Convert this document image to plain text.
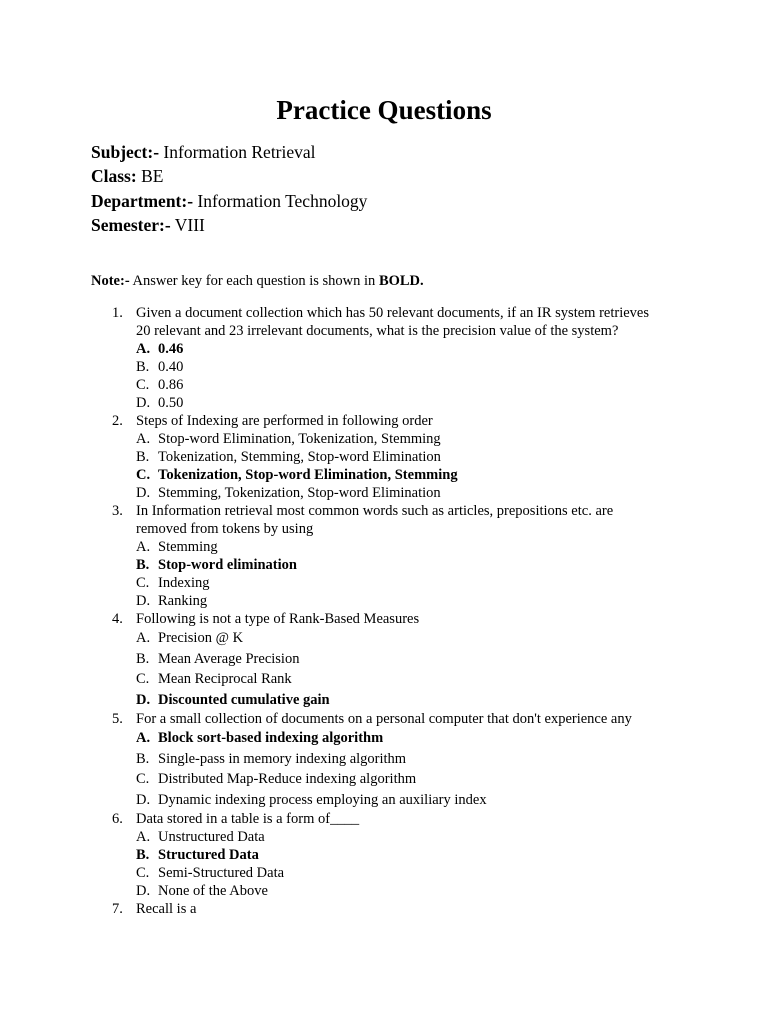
Practice Questions
Subject:- Information Retrieval
Class: BE
Department:- Information Technology
Semester:- VIII
Note:- Answer key for each question is shown in BOLD.
1. Given a document collection which has 50 relevant documents, if an IR system retrieves
20 relevant and 23 irrelevant documents, what is the precision value of the system?
A. 0.46
B. 0.40
C. 0.86
D. 0.50
2. Steps of Indexing are performed in following order
A. Stop-word Elimination, Tokenization, Stemming
B. Tokenization, Stemming, Stop-word Elimination
C. Tokenization, Stop-word Elimination, Stemming
D. Stemming, Tokenization, Stop-word Elimination
3. In Information retrieval most common words such as articles, prepositions etc. are
removed from tokens by using
A. Stemming
B. Stop-word elimination
C. Indexing
D. Ranking
4. Following is not a type of Rank-Based Measures
A. Precision @ K
B. Mean Average Precision
C. Mean Reciprocal Rank
D. Discounted cumulative gain
5. For a small collection of documents on a personal computer that don't experience any
A. Block sort-based indexing algorithm
B. Single-pass in memory indexing algorithm
C. Distributed Map-Reduce indexing algorithm
D. Dynamic indexing process employing an auxiliary index
6. Data stored in a table is a form of____
A. Unstructured Data
B. Structured Data
C. Semi-Structured Data
D. None of the Above
7. Recall is a
